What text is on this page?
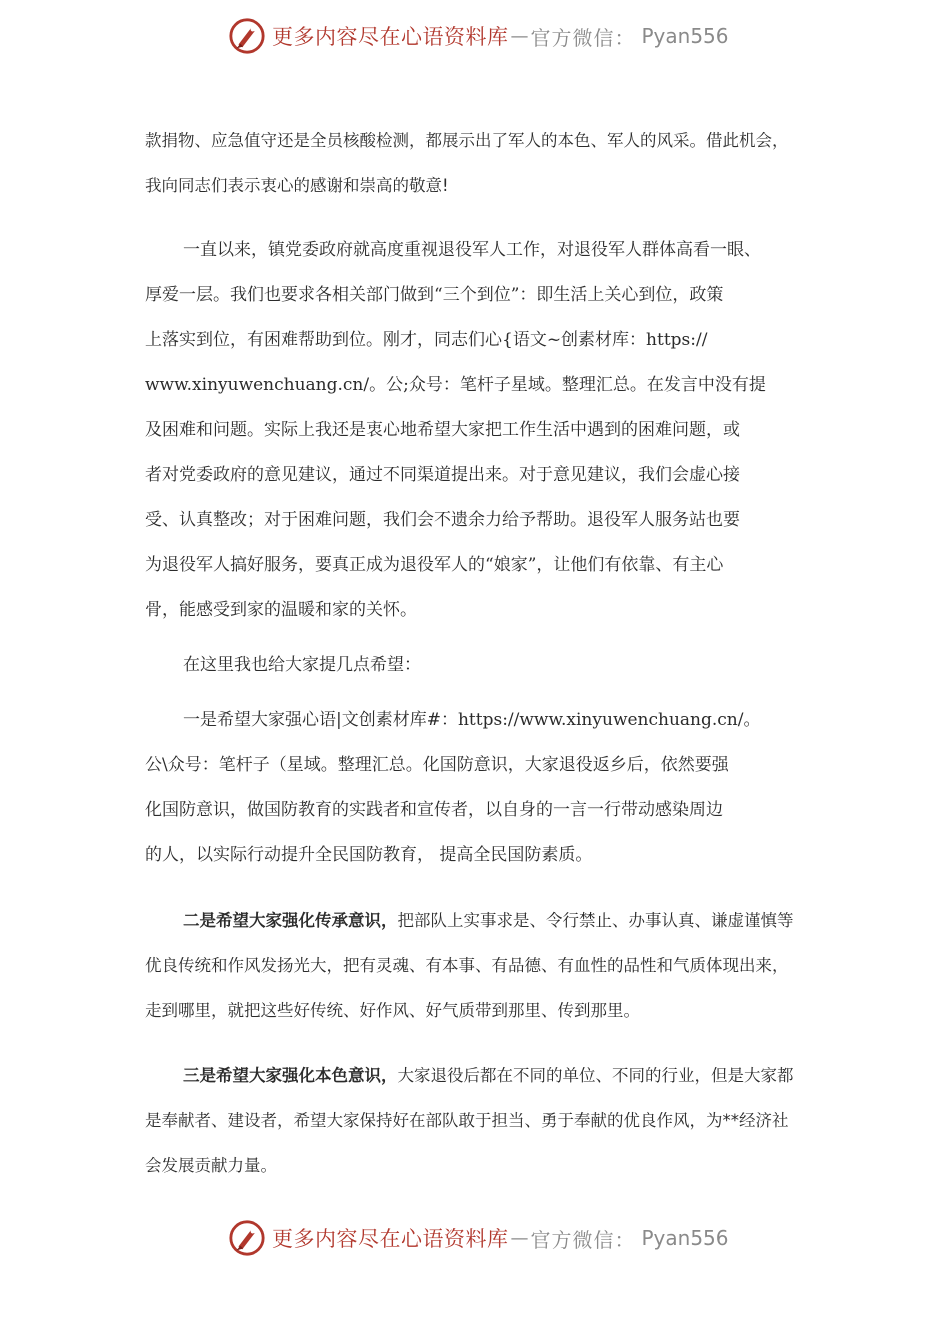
更多内容尽在心语资料库 — 官方微信： Pyan556
款捐物、应急值守还是全员核酸检测，都展示出了军人的本色、军人的风采。借此机会，
我向同志们表示衷心的感谢和崇高的敬意!
一直以来，镇党委政府就高度重视退役军人工作，对退役军人群体高看一眼、
厚爱一层。我们也要求各相关部门做到“三个到位”：即生活上关心到位，政策
上落实到位，有困难帮助到位。刚才，同志们心{语文~创素材库：https://
www.xinyuwenchuang.cn/。公;众号：笔杆子星域。整理汇总。在发言中没有提
及困难和问题。实际上我还是衷心地希望大家把工作生活中遇到的困难问题，或
者对党委政府的意见建议，通过不同渠道提出来。对于意见建议，我们会虚心接
受、认真整改；对于困难问题，我们会不遗余力给予帮助。退役军人服务站也要
为退役军人搞好服务，要真正成为退役军人的“娘家”，让他们有依靠、有主心
骨，能感受到家的温暖和家的关怀。
在这里我也给大家提几点希望：
一是希望大家强心语|文创素材库#：https://www.xinyuwenchuang.cn/。
公\众号：笔杆子（星域。整理汇总。化国防意识，大家退役返乡后，依然要强
化国防意识，做国防教育的实践者和宣传者，以自身的一言一行带动感染周边
的人，以实际行动提升全民国防教育， 提高全民国防素质。
二是希望大家强化传承意识，把部队上实事求是、令行禁止、办事认真、谦虚谨慎等
优良传统和作风发扬光大，把有灵魂、有本事、有品德、有血性的品性和气质体现出来，
走到哪里，就把这些好传统、好作风、好气质带到那里、传到那里。
三是希望大家强化本色意识，大家退役后都在不同的单位、不同的行业，但是大家都
是奉献者、建设者，希望大家保持好在部队敢于担当、勇于奉献的优良作风，为**经济社
会发展贡献力量。
更多内容尽在心语资料库 — 官方微信： Pyan556
